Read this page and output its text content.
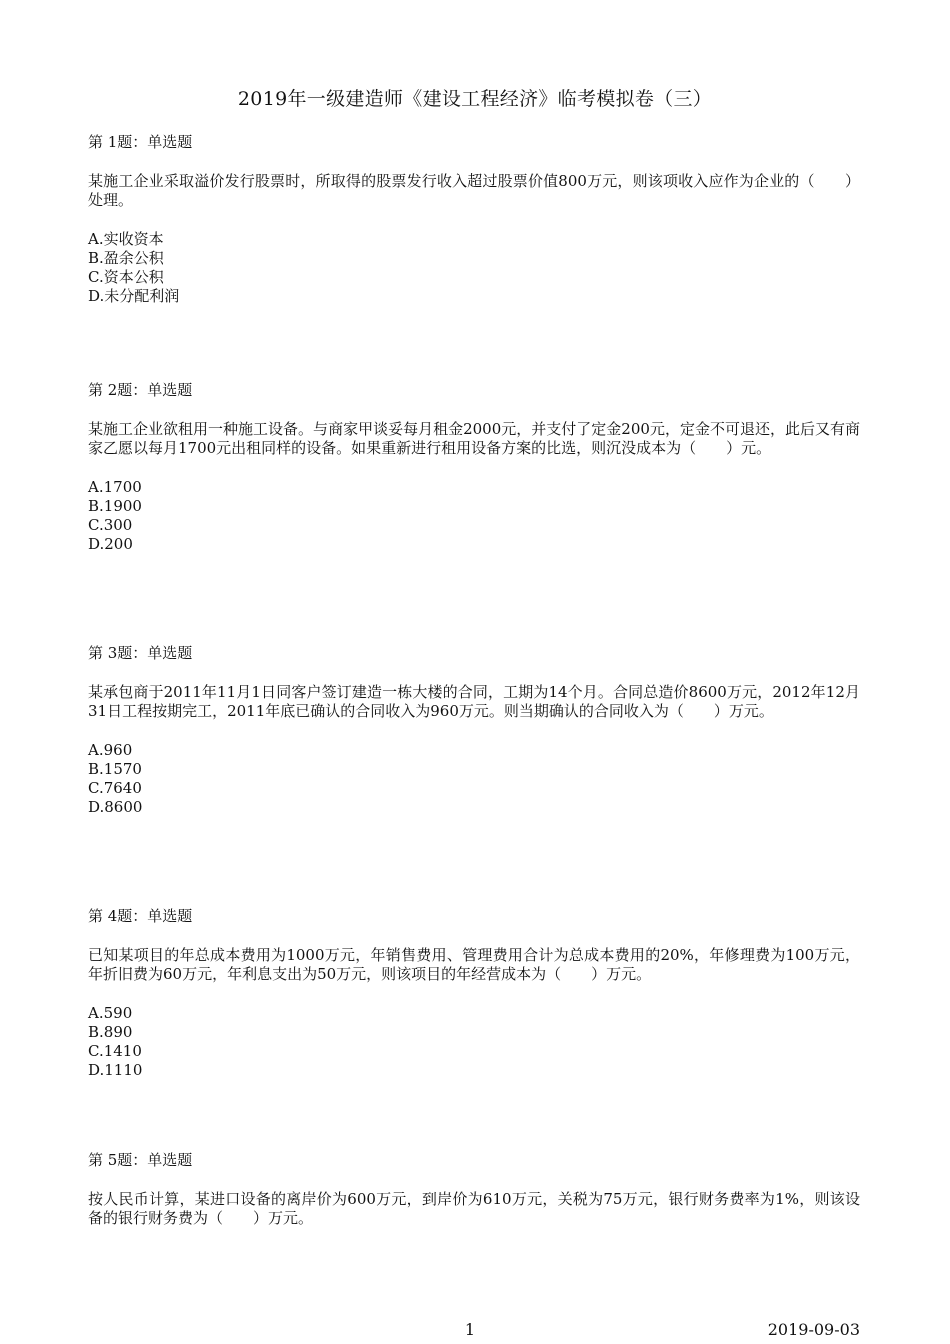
2019年一级建造师《建设工程经济》临考模拟卷（三）

第 1题：单选题

某施工企业采取溢价发行股票时，所取得的股票发行收入超过股票价值800万元，则该项收入应作为企业的（　　）处理。

A.实收资本
B.盈余公积
C.资本公积
D.未分配利润

第 2题：单选题

某施工企业欲租用一种施工设备。与商家甲谈妥每月租金2000元，并支付了定金200元，定金不可退还，此后又有商家乙愿以每月1700元出租同样的设备。如果重新进行租用设备方案的比选，则沉没成本为（　　）元。

A.1700
B.1900
C.300
D.200

第 3题：单选题

某承包商于2011年11月1日同客户签订建造一栋大楼的合同，工期为14个月。合同总造价8600万元，2012年12月31日工程按期完工，2011年底已确认的合同收入为960万元。则当期确认的合同收入为（　　）万元。

A.960
B.1570
C.7640
D.8600

第 4题：单选题

已知某项目的年总成本费用为1000万元，年销售费用、管理费用合计为总成本费用的20%，年修理费为100万元，年折旧费为60万元，年利息支出为50万元，则该项目的年经营成本为（　　）万元。

A.590
B.890
C.1410
D.1110

第 5题：单选题

按人民币计算，某进口设备的离岸价为600万元，到岸价为610万元，关税为75万元，银行财务费率为1%，则该设备的银行财务费为（　　）万元。

1	2019-09-03
